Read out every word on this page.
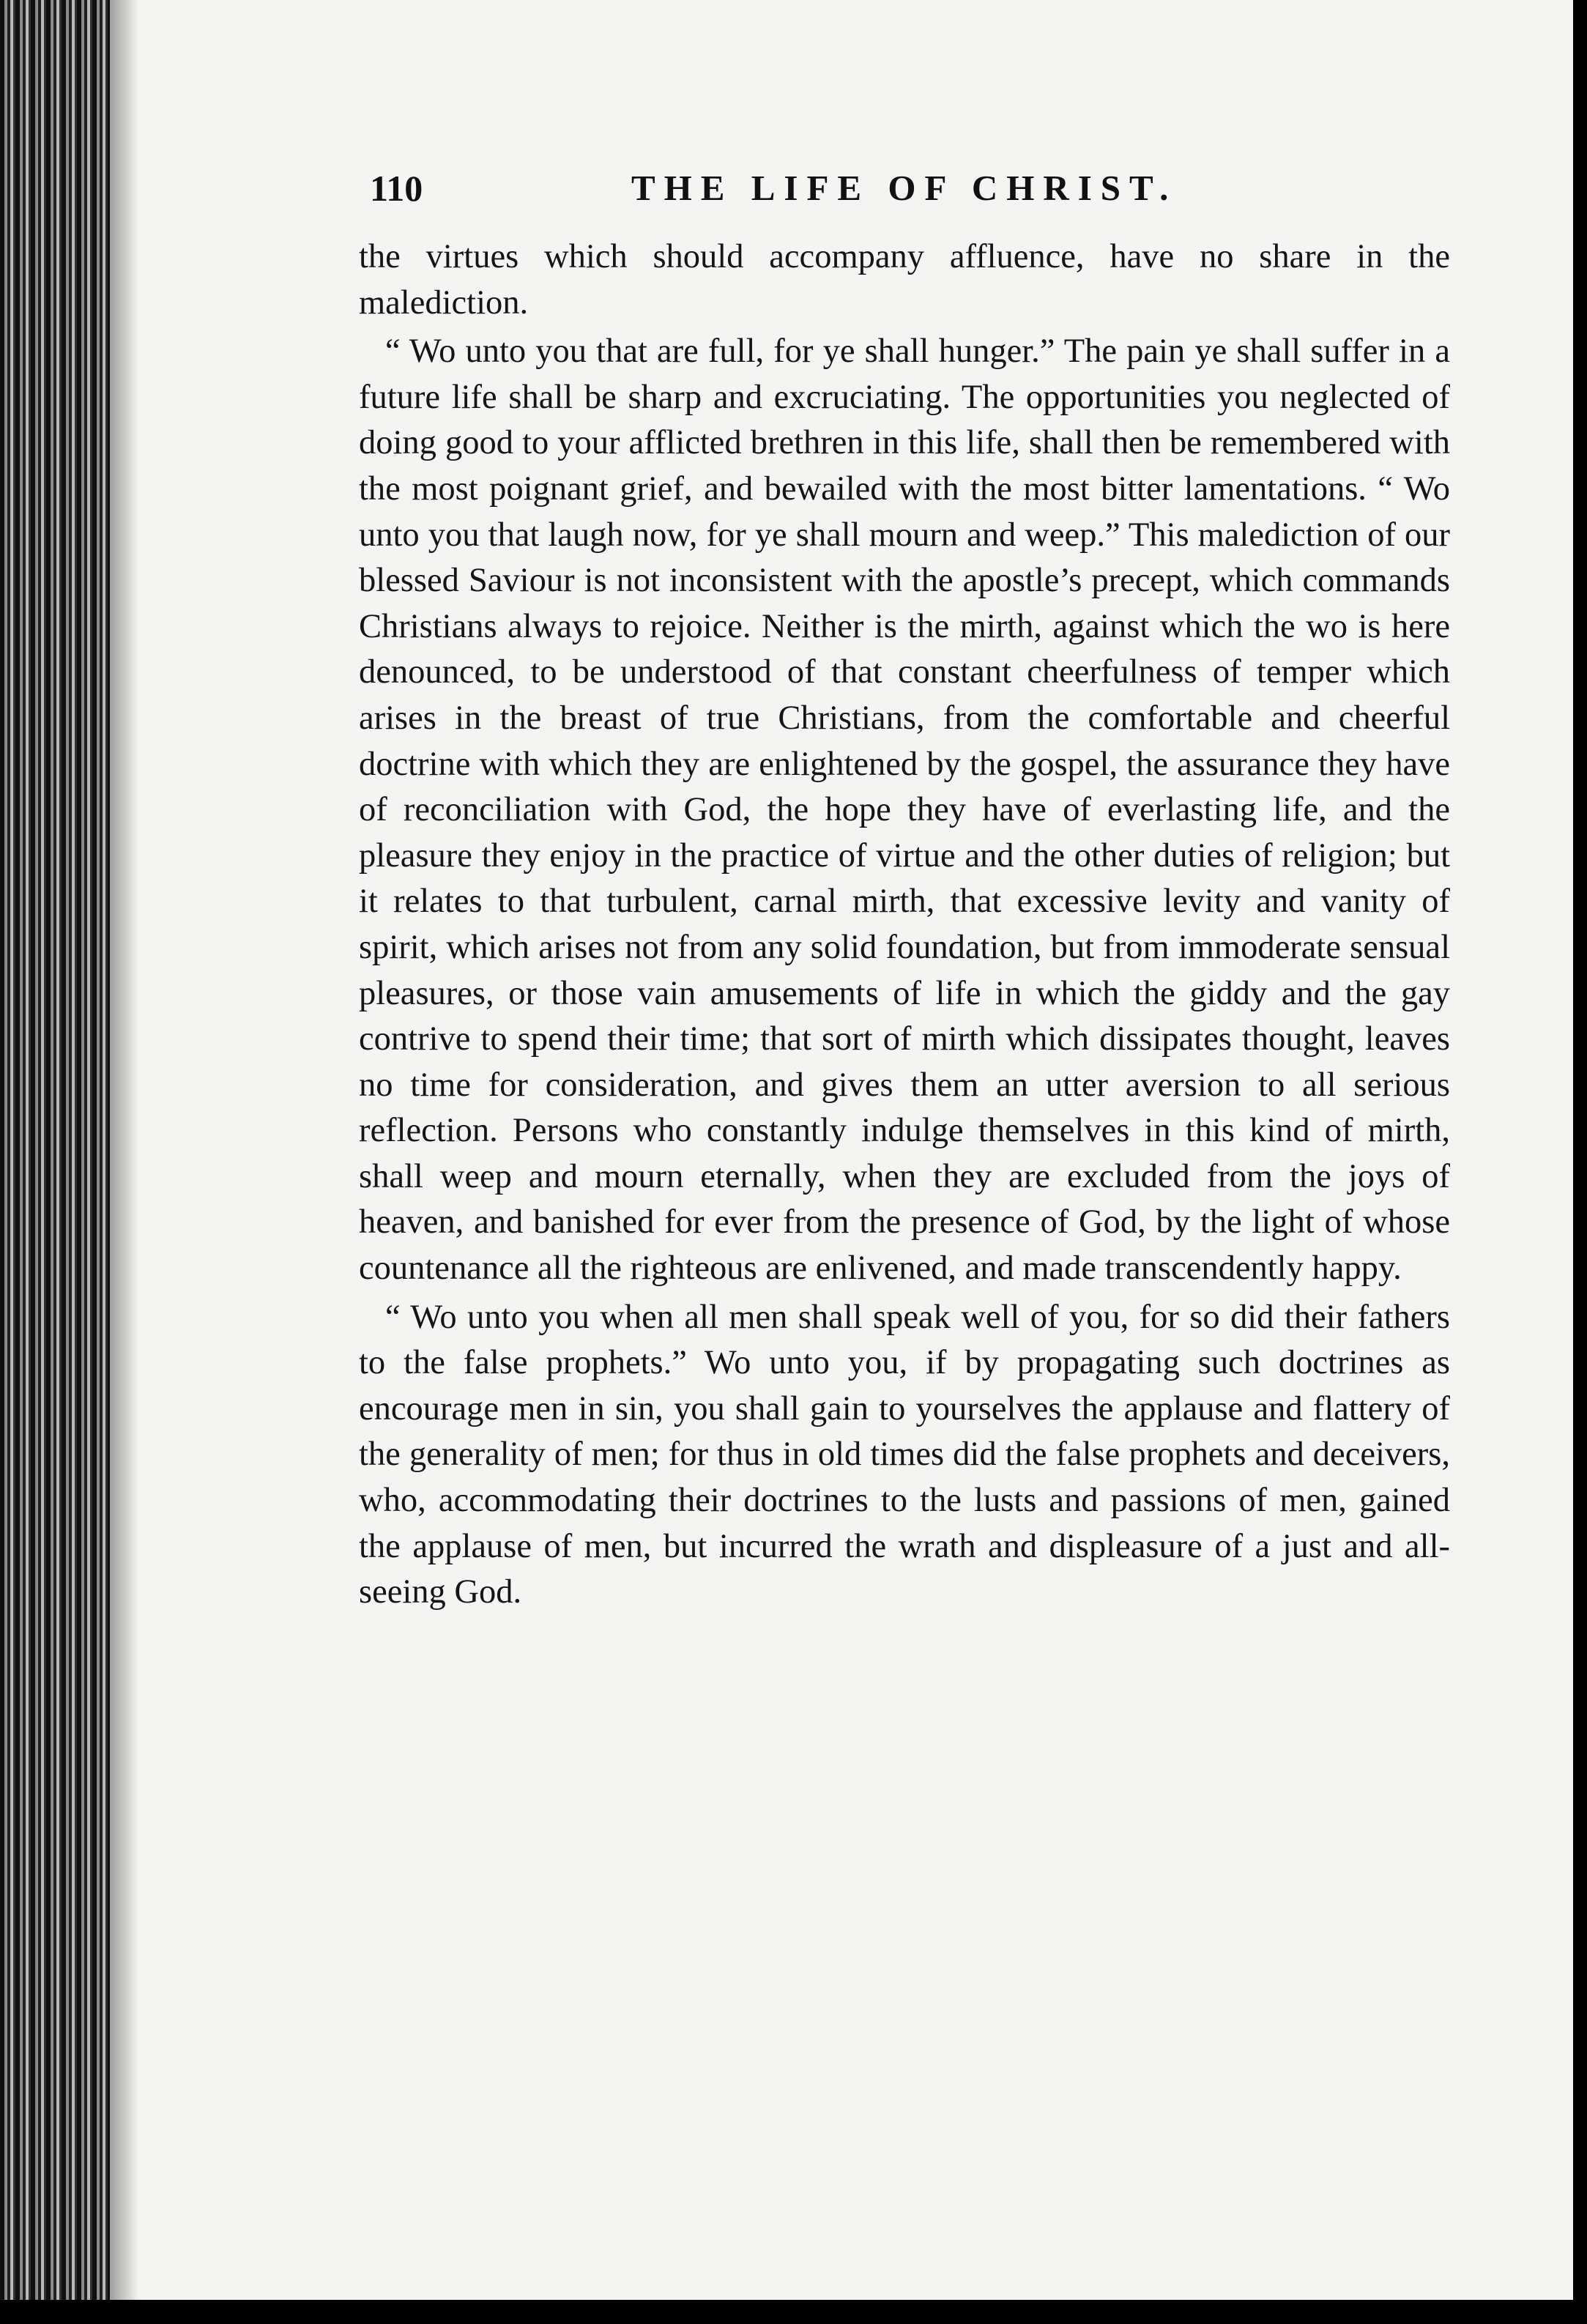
110	THE LIFE OF CHRIST.

the virtues which should accompany affluence, have no share in the malediction.

“ Wo unto you that are full, for ye shall hunger.” The pain ye shall suffer in a future life shall be sharp and excruciating. The opportunities you neglected of doing good to your afflicted brethren in this life, shall then be remembered with the most poignant grief, and bewailed with the most bitter lamentations. “ Wo unto you that laugh now, for ye shall mourn and weep.” This malediction of our blessed Saviour is not inconsistent with the apostle’s precept, which commands Christians always to rejoice. Neither is the mirth, against which the wo is here denounced, to be understood of that constant cheerfulness of temper which arises in the breast of true Christians, from the comfortable and cheerful doctrine with which they are enlightened by the gospel, the assurance they have of reconciliation with God, the hope they have of everlasting life, and the pleasure they enjoy in the practice of virtue and the other duties of religion; but it relates to that turbulent, carnal mirth, that excessive levity and vanity of spirit, which arises not from any solid foundation, but from immoderate sensual pleasures, or those vain amusements of life in which the giddy and the gay contrive to spend their time; that sort of mirth which dissipates thought, leaves no time for consideration, and gives them an utter aversion to all serious reflection. Persons who constantly indulge themselves in this kind of mirth, shall weep and mourn eternally, when they are excluded from the joys of heaven, and banished for ever from the presence of God, by the light of whose countenance all the righteous are enlivened, and made transcendently happy.

“ Wo unto you when all men shall speak well of you, for so did their fathers to the false prophets.” Wo unto you, if by propagating such doctrines as encourage men in sin, you shall gain to yourselves the applause and flattery of the generality of men; for thus in old times did the false prophets and deceivers, who, accommodating their doctrines to the lusts and passions of men, gained the applause of men, but incurred the wrath and displeasure of a just and all-seeing God.
